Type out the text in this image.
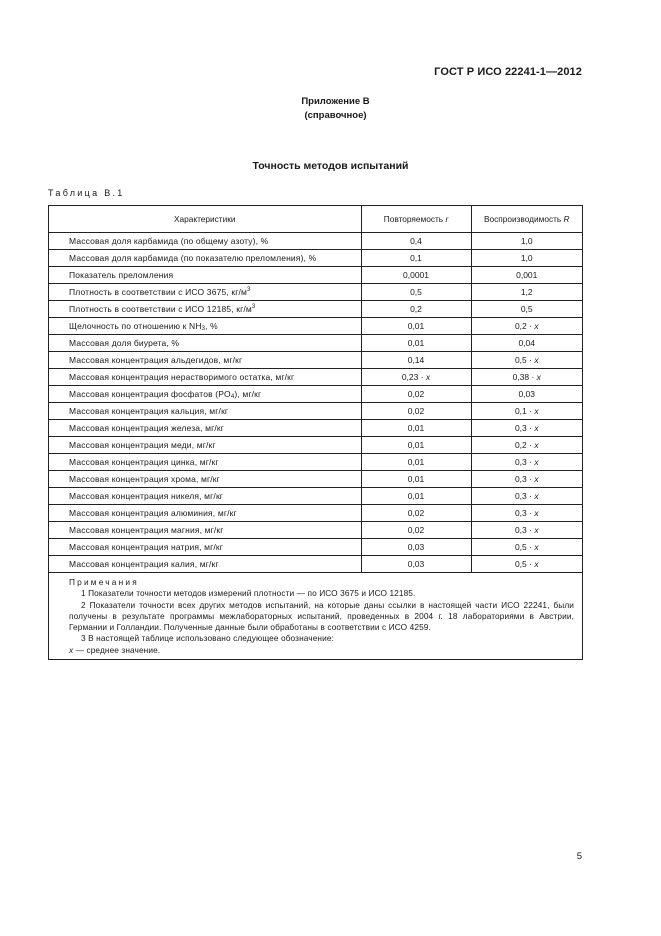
ГОСТ Р ИСО 22241-1—2012
Приложение В
(справочное)
Точность методов испытаний
Таблица В.1
Характеристики	Повторяемость r	Воспроизводимость R
Массовая доля карбамида (по общему азоту), %	0,4	1,0
Массовая доля карбамида (по показателю преломления), %	0,1	1,0
Показатель преломления	0,0001	0,001
Плотность в соответствии с ИСО 3675, $кг/м^3$	0,5	1,2
Плотность в соответствии с ИСО 12185, $кг/м^3$	0,2	0,5
Щелочность по отношению к $NH_3$, %	0,01	0,2 · x
Массовая доля биурета, %	0,01	0,04
Массовая концентрация альдегидов, мг/кг	0,14	0,5 · x
Массовая концентрация нерастворимого остатка, мг/кг	0,23 · x	0,38 · x
Массовая концентрация фосфатов $(PO_4)$, мг/кг	0,02	0,03
Массовая концентрация кальция, мг/кг	0,02	0,1 · x
Массовая концентрация железа, мг/кг	0,01	0,3 · x
Массовая концентрация меди, мг/кг	0,01	0,2 · x
Массовая концентрация цинка, мг/кг	0,01	0,3 · x
Массовая концентрация хрома, мг/кг	0,01	0,3 · x
Массовая концентрация никеля, мг/кг	0,01	0,3 · x
Массовая концентрация алюминия, мг/кг	0,02	0,3 · x
Массовая концентрация магния, мг/кг	0,02	0,3 · x
Массовая концентрация натрия, мг/кг	0,03	0,5 · x
Массовая концентрация калия, мг/кг	0,03	0,5 · x
Примечания
1 Показатели точности методов измерений плотности — по ИСО 3675 и ИСО 12185.
2 Показатели точности всех других методов испытаний, на которые даны ссылки в настоящей части ИСО 22241, были получены в результате программы межлабораторных испытаний, проведенных в 2004 г. 18 лабораториями в Австрии, Германии и Голландии. Полученные данные были обработаны в соответствии с ИСО 4259.
3 В настоящей таблице использовано следующее обозначение:
x — среднее значение.
5
